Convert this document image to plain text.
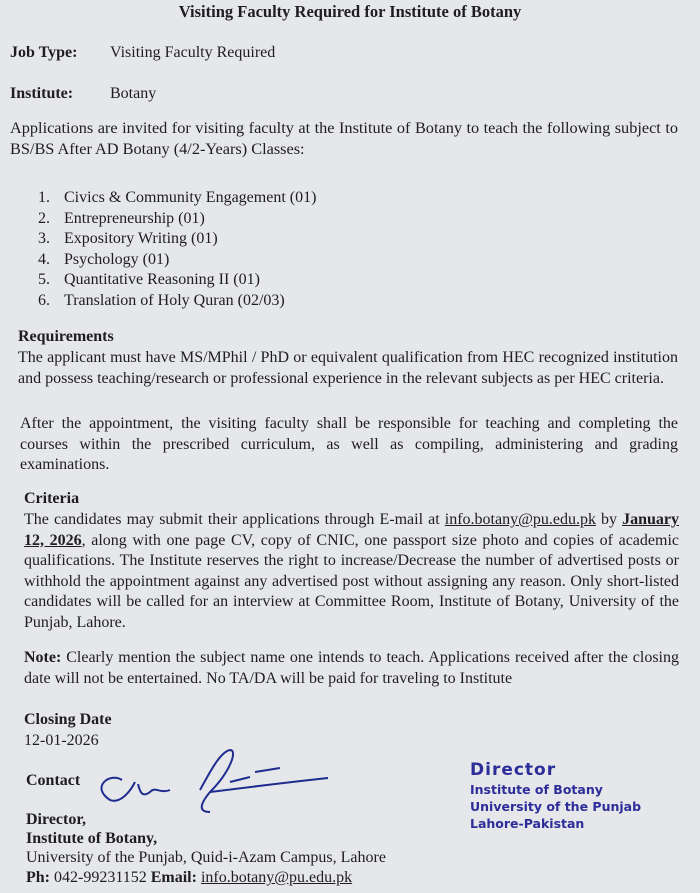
Visiting Faculty Required for Institute of Botany
Job Type: Visiting Faculty Required
Institute: Botany
Applications are invited for visiting faculty at the Institute of Botany to teach the following subject to BS/BS After AD Botany (4/2-Years) Classes:
1. Civics & Community Engagement (01)
2. Entrepreneurship (01)
3. Expository Writing (01)
4. Psychology (01)
5. Quantitative Reasoning II (01)
6. Translation of Holy Quran (02/03)
Requirements
The applicant must have MS/MPhil / PhD or equivalent qualification from HEC recognized institution and possess teaching/research or professional experience in the relevant subjects as per HEC criteria.
After the appointment, the visiting faculty shall be responsible for teaching and completing the courses within the prescribed curriculum, as well as compiling, administering and grading examinations.
Criteria
The candidates may submit their applications through E-mail at info.botany@pu.edu.pk by January 12, 2026, along with one page CV, copy of CNIC, one passport size photo and copies of academic qualifications. The Institute reserves the right to increase/Decrease the number of advertised posts or withhold the appointment against any advertised post without assigning any reason. Only short-listed candidates will be called for an interview at Committee Room, Institute of Botany, University of the Punjab, Lahore.
Note: Clearly mention the subject name one intends to teach. Applications received after the closing date will not be entertained. No TA/DA will be paid for traveling to Institute
Closing Date
12-01-2026
Contact
Director
Institute of Botany
University of the Punjab
Lahore-Pakistan
Director,
Institute of Botany,
University of the Punjab, Quid-i-Azam Campus, Lahore
Ph: 042-99231152 Email: info.botany@pu.edu.pk
